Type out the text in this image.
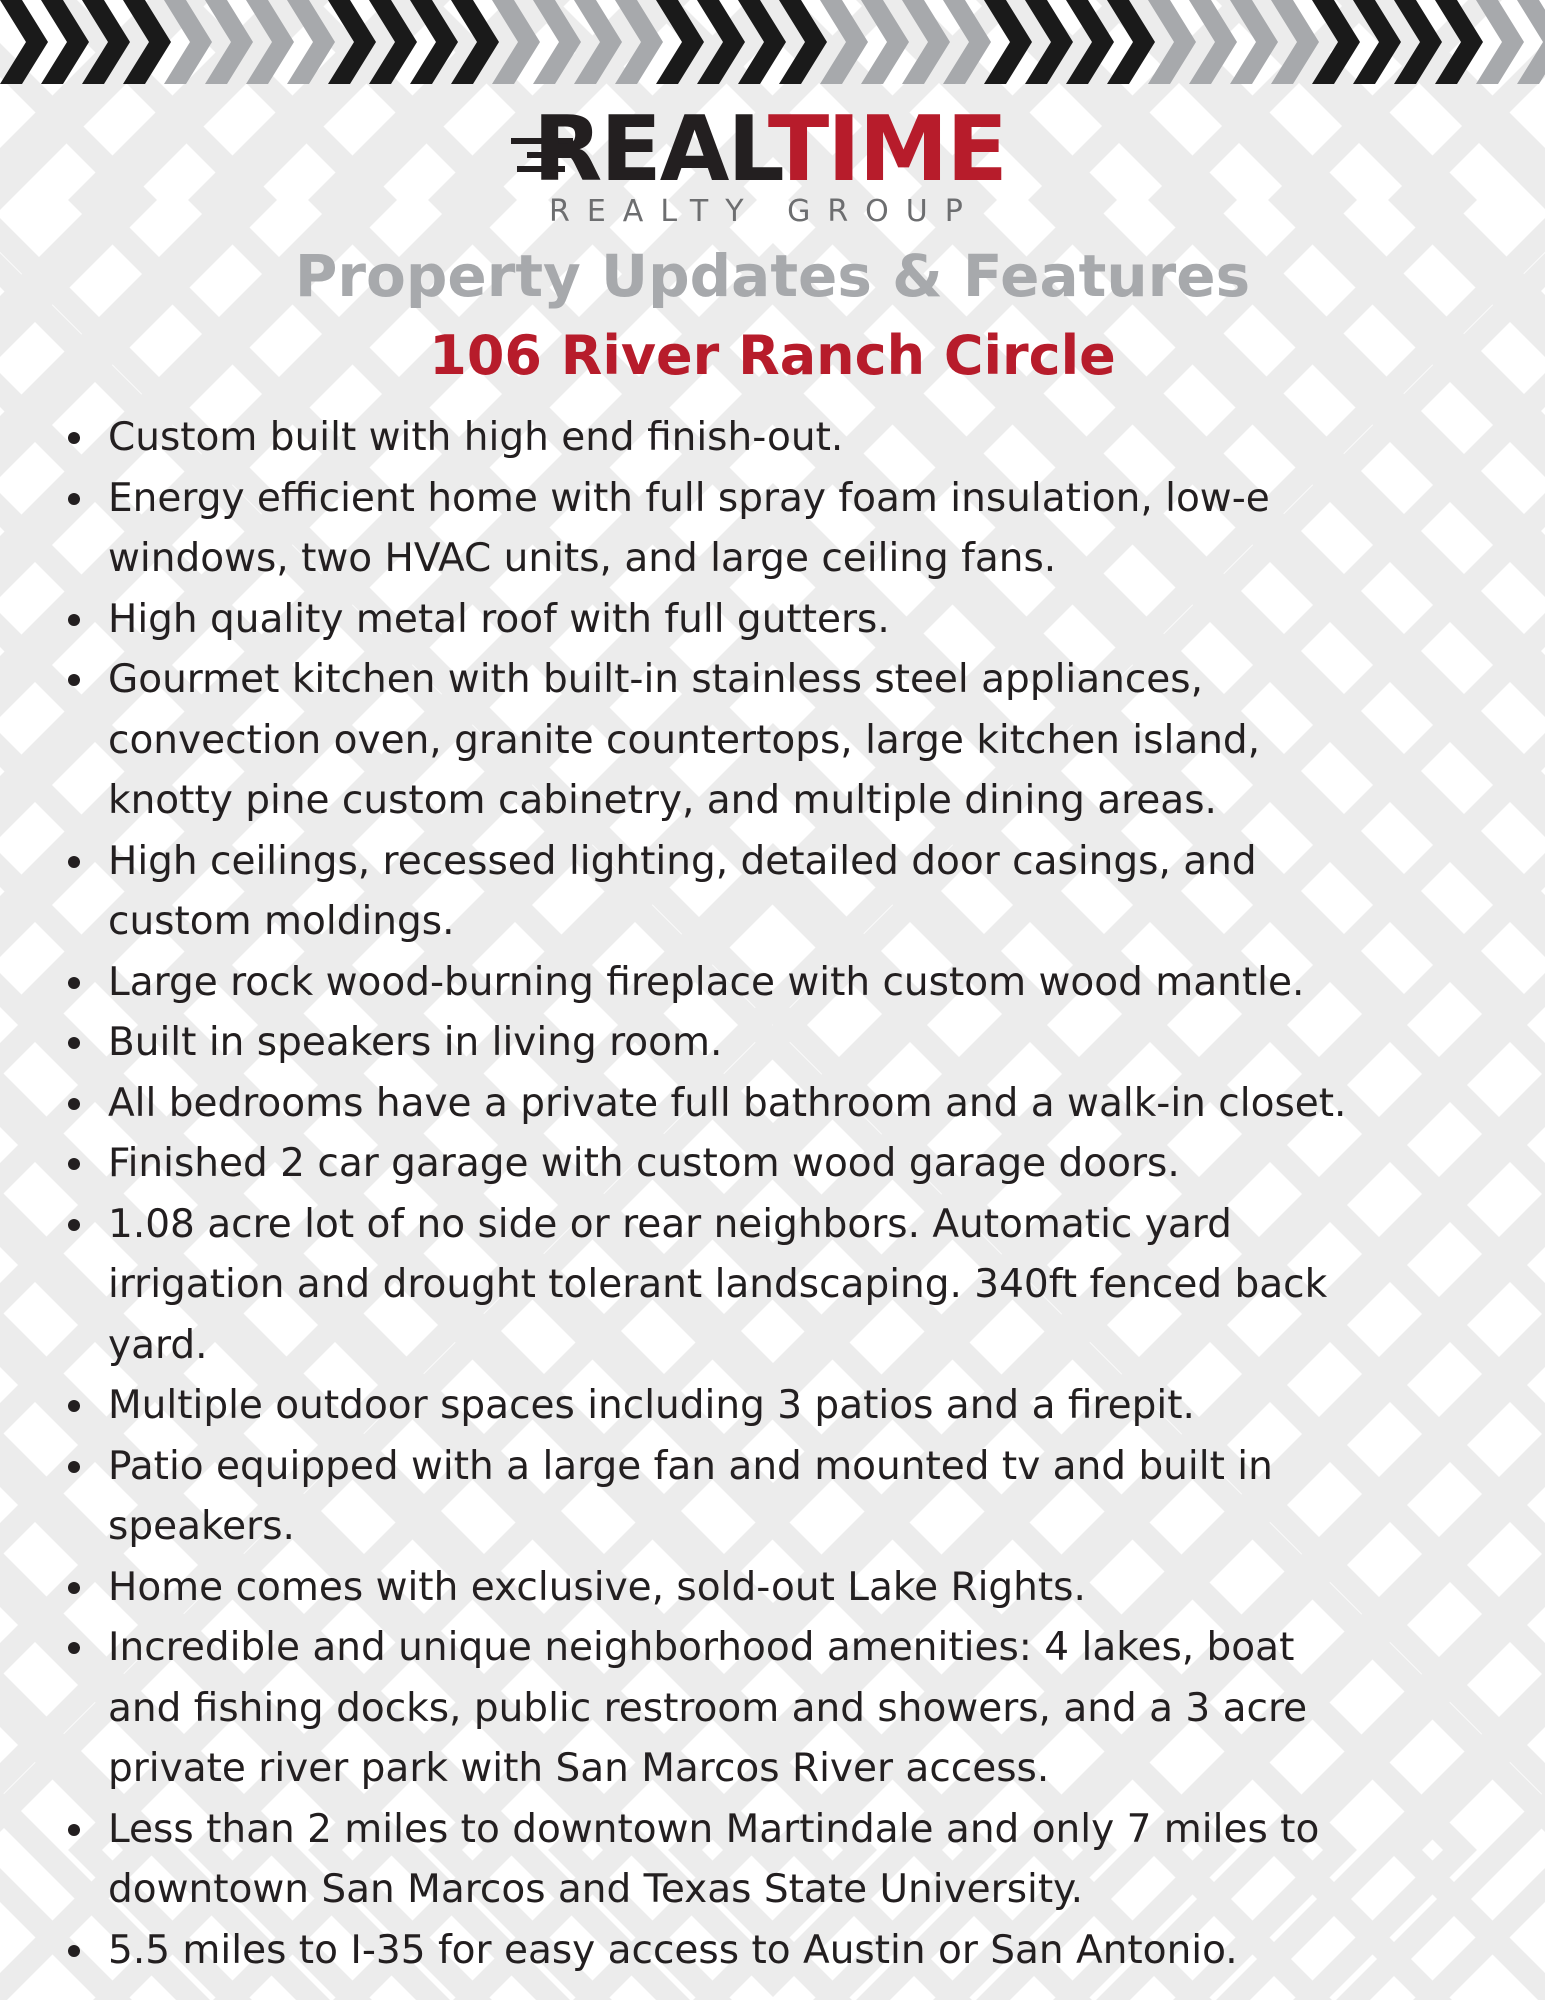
REALTIME
REALTY GROUP
Property Updates & Features
106 River Ranch Circle
Custom built with high end finish-out.
Energy efficient home with full spray foam insulation, low-e
windows, two HVAC units, and large ceiling fans.
High quality metal roof with full gutters.
Gourmet kitchen with built-in stainless steel appliances,
convection oven, granite countertops, large kitchen island,
knotty pine custom cabinetry, and multiple dining areas.
High ceilings, recessed lighting, detailed door casings, and
custom moldings.
Large rock wood-burning fireplace with custom wood mantle.
Built in speakers in living room.
All bedrooms have a private full bathroom and a walk-in closet.
Finished 2 car garage with custom wood garage doors.
1.08 acre lot of no side or rear neighbors. Automatic yard
irrigation and drought tolerant landscaping. 340ft fenced back
yard.
Multiple outdoor spaces including 3 patios and a firepit.
Patio equipped with a large fan and mounted tv and built in
speakers.
Home comes with exclusive, sold-out Lake Rights.
Incredible and unique neighborhood amenities: 4 lakes, boat
and fishing docks, public restroom and showers, and a 3 acre
private river park with San Marcos River access.
Less than 2 miles to downtown Martindale and only 7 miles to
downtown San Marcos and Texas State University.
5.5 miles to I-35 for easy access to Austin or San Antonio.
